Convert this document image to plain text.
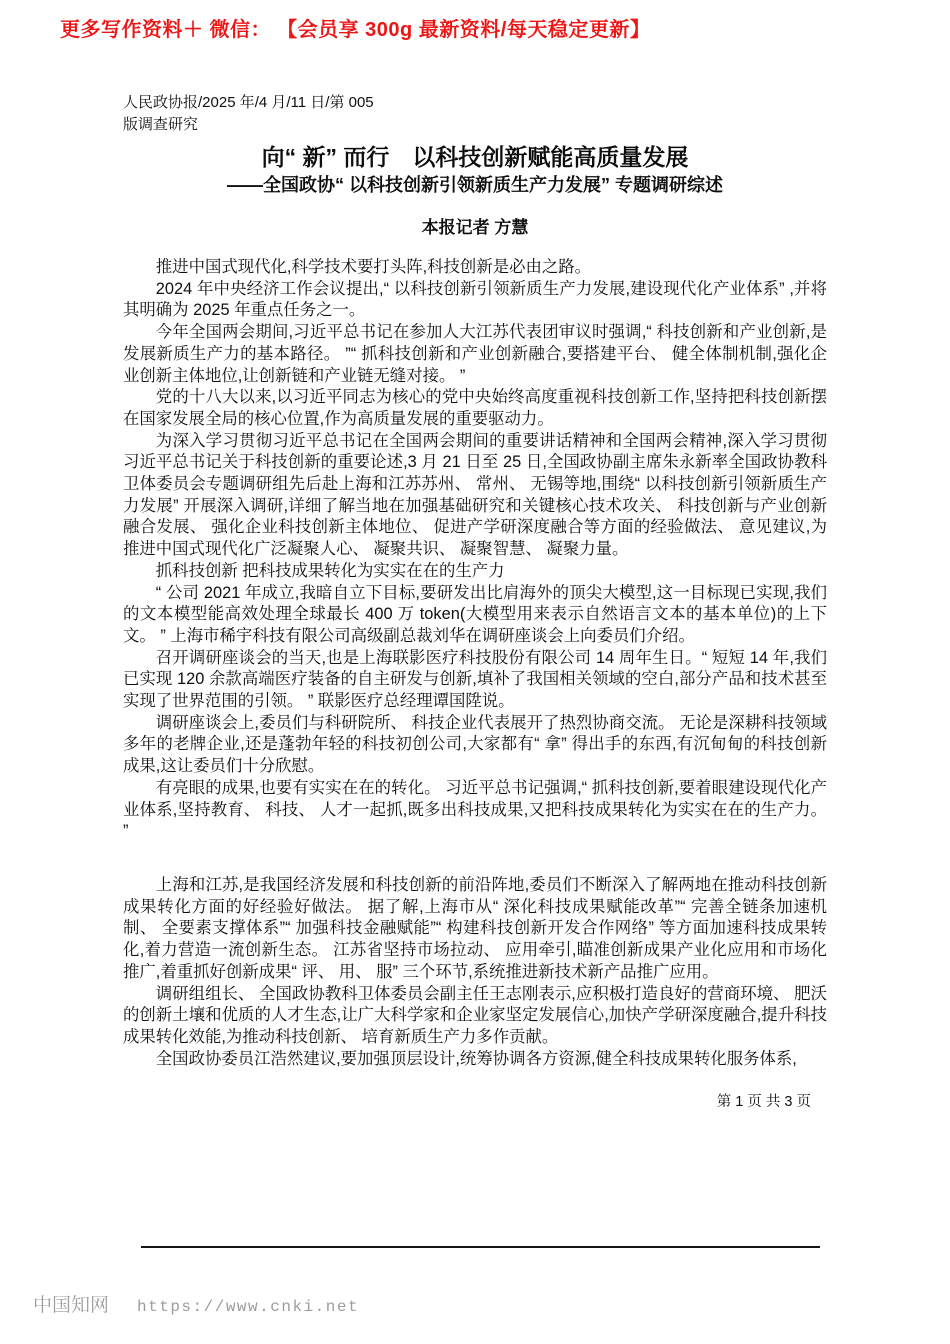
更多写作资料＋ 微信： 【会员享 300g 最新资料/每天稳定更新】
人民政协报/2025 年/4 月/11 日/第 005
版调查研究
向“ 新” 而行　以科技创新赋能高质量发展
——全国政协“ 以科技创新引领新质生产力发展” 专题调研综述
本报记者 方慧
推进中国式现代化,科学技术要打头阵,科技创新是必由之路。
2024 年中央经济工作会议提出,“ 以科技创新引领新质生产力发展,建设现代化产业体系” ,并将其明确为 2025 年重点任务之一。
今年全国两会期间,习近平总书记在参加人大江苏代表团审议时强调,“ 科技创新和产业创新,是发展新质生产力的基本路径。 ”“ 抓科技创新和产业创新融合,要搭建平台、 健全体制机制,强化企业创新主体地位,让创新链和产业链无缝对接。 ”
党的十八大以来,以习近平同志为核心的党中央始终高度重视科技创新工作,坚持把科技创新摆在国家发展全局的核心位置,作为高质量发展的重要驱动力。
为深入学习贯彻习近平总书记在全国两会期间的重要讲话精神和全国两会精神,深入学习贯彻习近平总书记关于科技创新的重要论述,3 月 21 日至 25 日,全国政协副主席朱永新率全国政协教科卫体委员会专题调研组先后赴上海和江苏苏州、 常州、 无锡等地,围绕“ 以科技创新引领新质生产力发展” 开展深入调研,详细了解当地在加强基础研究和关键核心技术攻关、 科技创新与产业创新融合发展、 强化企业科技创新主体地位、 促进产学研深度融合等方面的经验做法、 意见建议,为推进中国式现代化广泛凝聚人心、 凝聚共识、 凝聚智慧、 凝聚力量。
抓科技创新 把科技成果转化为实实在在的生产力
“ 公司 2021 年成立,我暗自立下目标,要研发出比肩海外的顶尖大模型,这一目标现已实现,我们的文本模型能高效处理全球最长 400 万 token(大模型用来表示自然语言文本的基本单位)的上下文。 ” 上海市稀宇科技有限公司高级副总裁刘华在调研座谈会上向委员们介绍。
召开调研座谈会的当天,也是上海联影医疗科技股份有限公司 14 周年生日。“ 短短 14 年,我们已实现 120 余款高端医疗装备的自主研发与创新,填补了我国相关领域的空白,部分产品和技术甚至实现了世界范围的引领。 ” 联影医疗总经理谭国陞说。
调研座谈会上,委员们与科研院所、 科技企业代表展开了热烈协商交流。 无论是深耕科技领域多年的老牌企业,还是蓬勃年轻的科技初创公司,大家都有“ 拿” 得出手的东西,有沉甸甸的科技创新成果,这让委员们十分欣慰。
有亮眼的成果,也要有实实在在的转化。 习近平总书记强调,“ 抓科技创新,要着眼建设现代化产业体系,坚持教育、 科技、 人才一起抓,既多出科技成果,又把科技成果转化为实实在在的生产力。 ”
上海和江苏,是我国经济发展和科技创新的前沿阵地,委员们不断深入了解两地在推动科技创新成果转化方面的好经验好做法。 据了解,上海市从“ 深化科技成果赋能改革”“ 完善全链条加速机制、 全要素支撑体系”“ 加强科技金融赋能”“ 构建科技创新开发合作网络” 等方面加速科技成果转化,着力营造一流创新生态。 江苏省坚持市场拉动、 应用牵引,瞄准创新成果产业化应用和市场化推广,着重抓好创新成果“ 评、 用、 服” 三个环节,系统推进新技术新产品推广应用。
调研组组长、 全国政协教科卫体委员会副主任王志刚表示,应积极打造良好的营商环境、 肥沃的创新土壤和优质的人才生态,让广大科学家和企业家坚定发展信心,加快产学研深度融合,提升科技成果转化效能,为推动科技创新、 培育新质生产力多作贡献。
全国政协委员江浩然建议,要加强顶层设计,统筹协调各方资源,健全科技成果转化服务体系,
第 1 页 共 3 页
中国知网 https://www.cnki.net
